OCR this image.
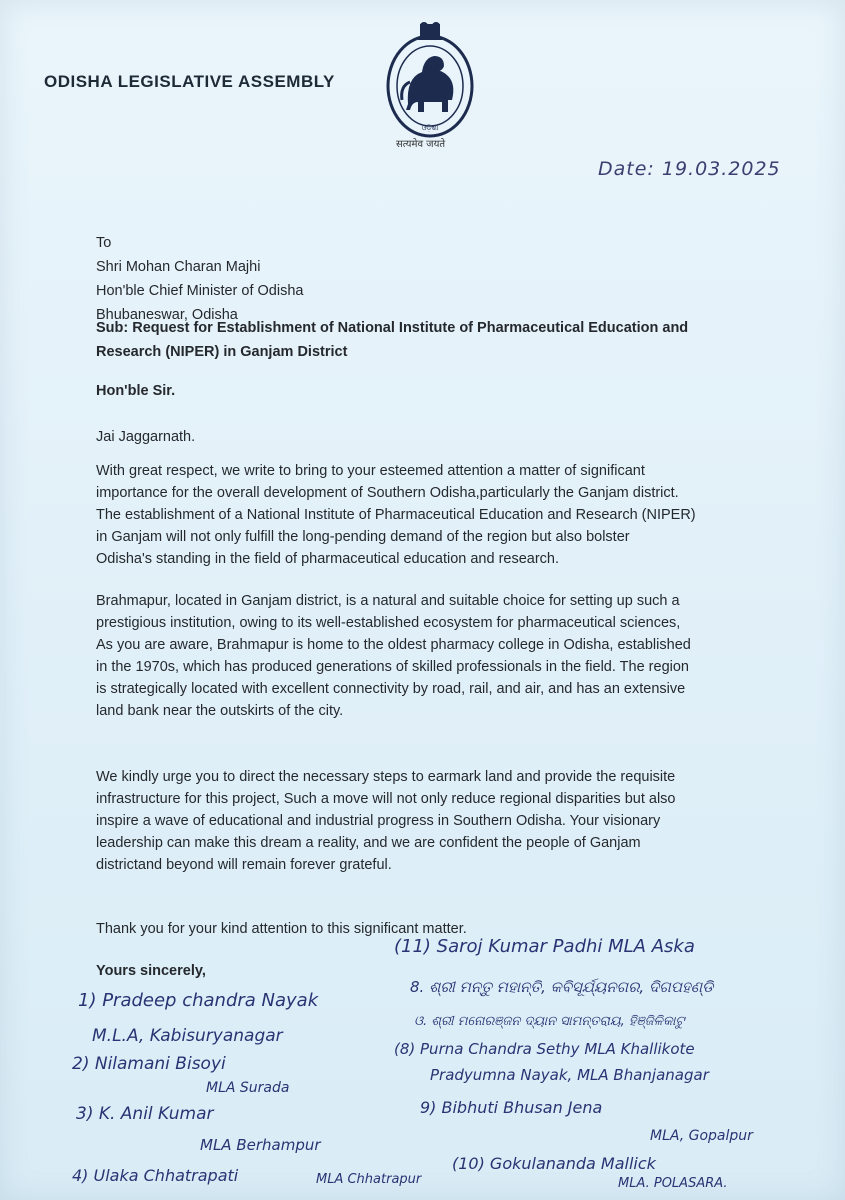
ODISHA LEGISLATIVE ASSEMBLY
ଓଡ଼ିଶା
सत्यमेव जयते
Date: 19.03.2025
To
Shri Mohan Charan Majhi
Hon'ble Chief Minister of Odisha
Bhubaneswar, Odisha
Sub: Request for Establishment of National Institute of Pharmaceutical Education and
Research (NIPER) in Ganjam District
Hon'ble Sir.
Jai Jaggarnath.
With great respect, we write to bring to your esteemed attention a matter of significant
importance for the overall development of Southern Odisha,particularly the Ganjam district.
The establishment of a National Institute of Pharmaceutical Education and Research (NIPER)
in Ganjam will not only fulfill the long-pending demand of the region but also bolster
Odisha's standing in the field of pharmaceutical education and research.
Brahmapur, located in Ganjam district, is a natural and suitable choice for setting up such a
prestigious institution, owing to its well-established ecosystem for pharmaceutical sciences,
As you are aware, Brahmapur is home to the oldest pharmacy college in Odisha, established
in the 1970s, which has produced generations of skilled professionals in the field. The region
is strategically located with excellent connectivity by road, rail, and air, and has an extensive
land bank near the outskirts of the city.
We kindly urge you to direct the necessary steps to earmark land and provide the requisite
infrastructure for this project, Such a move will not only reduce regional disparities but also
inspire a wave of educational and industrial progress in Southern Odisha. Your visionary
leadership can make this dream a reality, and we are confident the people of Ganjam
districtand beyond will remain forever grateful.
Thank you for your kind attention to this significant matter.
Yours sincerely,
(11) Saroj Kumar Padhi MLA Aska
1) Pradeep chandra Nayak
M.L.A, Kabisuryanagar
8. ଶ୍ରୀ ମନ୍ତୁ ମହାନ୍ତି, କବିସୂର୍ଯ୍ୟନଗର, ଦିଗପହଣ୍ଡି
ଓ. ଶ୍ରୀ ମନୋରଞ୍ଜନ ଦ୍ୟାନ ସାମନ୍ତରାୟ, ହିଞ୍ଜିଳିକାଟୁ
(8) Purna Chandra Sethy MLA Khallikote
Pradyumna Nayak, MLA Bhanjanagar
2) Nilamani Bisoyi
MLA Surada
9) Bibhuti Bhusan Jena
MLA, Gopalpur
3) K. Anil Kumar
MLA Berhampur
(10) Gokulananda Mallick
MLA. POLASARA.
4) Ulaka Chhatrapati	MLA Chhatrapur
